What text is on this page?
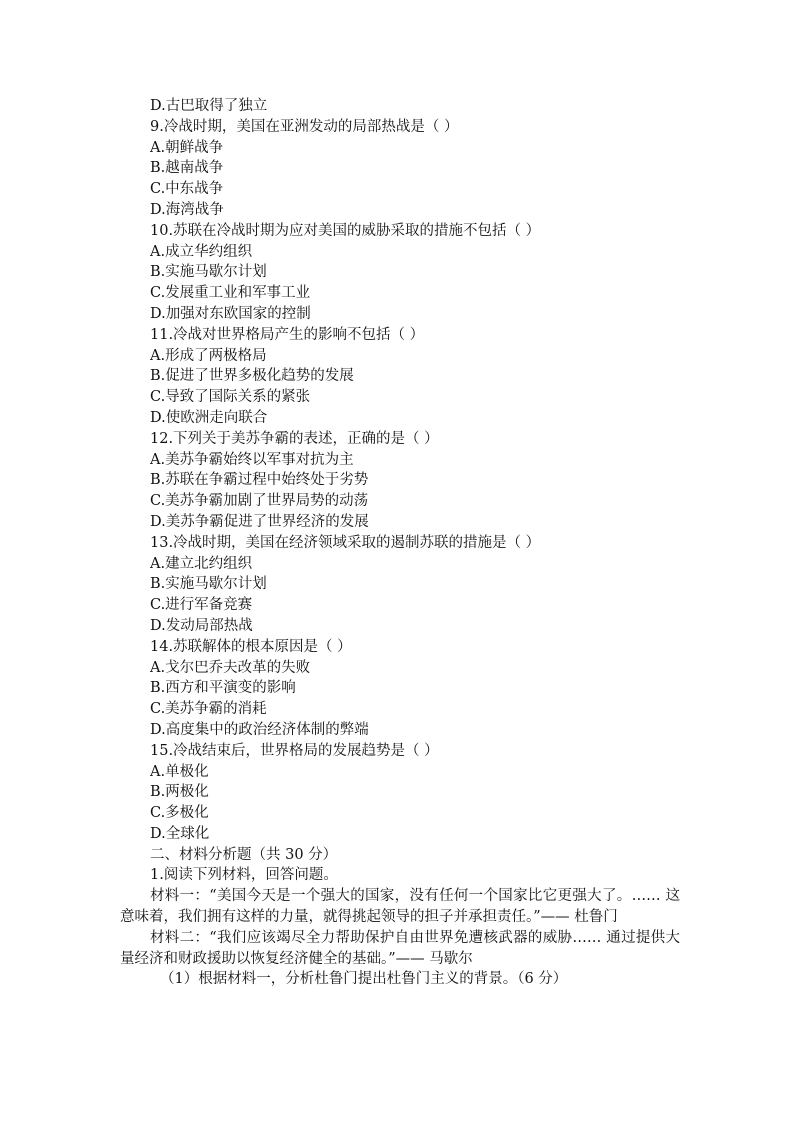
D.古巴取得了独立
9.冷战时期，美国在亚洲发动的局部热战是（ ）
A.朝鲜战争
B.越南战争
C.中东战争
D.海湾战争
10.苏联在冷战时期为应对美国的威胁采取的措施不包括（ ）
A.成立华约组织
B.实施马歇尔计划
C.发展重工业和军事工业
D.加强对东欧国家的控制
11.冷战对世界格局产生的影响不包括（ ）
A.形成了两极格局
B.促进了世界多极化趋势的发展
C.导致了国际关系的紧张
D.使欧洲走向联合
12.下列关于美苏争霸的表述，正确的是（ ）
A.美苏争霸始终以军事对抗为主
B.苏联在争霸过程中始终处于劣势
C.美苏争霸加剧了世界局势的动荡
D.美苏争霸促进了世界经济的发展
13.冷战时期，美国在经济领域采取的遏制苏联的措施是（ ）
A.建立北约组织
B.实施马歇尔计划
C.进行军备竞赛
D.发动局部热战
14.苏联解体的根本原因是（ ）
A.戈尔巴乔夫改革的失败
B.西方和平演变的影响
C.美苏争霸的消耗
D.高度集中的政治经济体制的弊端
15.冷战结束后，世界格局的发展趋势是（ ）
A.单极化
B.两极化
C.多极化
D.全球化
二、材料分析题（共 30 分）
1.阅读下列材料，回答问题。

材料一：“美国今天是一个强大的国家，没有任何一个国家比它更强大了。…… 这意味着，我们拥有这样的力量，就得挑起领导的担子并承担责任。”—— 杜鲁门

材料二：“我们应该竭尽全力帮助保护自由世界免遭核武器的威胁…… 通过提供大量经济和财政援助以恢复经济健全的基础。”—— 马歇尔

（1）根据材料一，分析杜鲁门提出杜鲁门主义的背景。（6 分）
